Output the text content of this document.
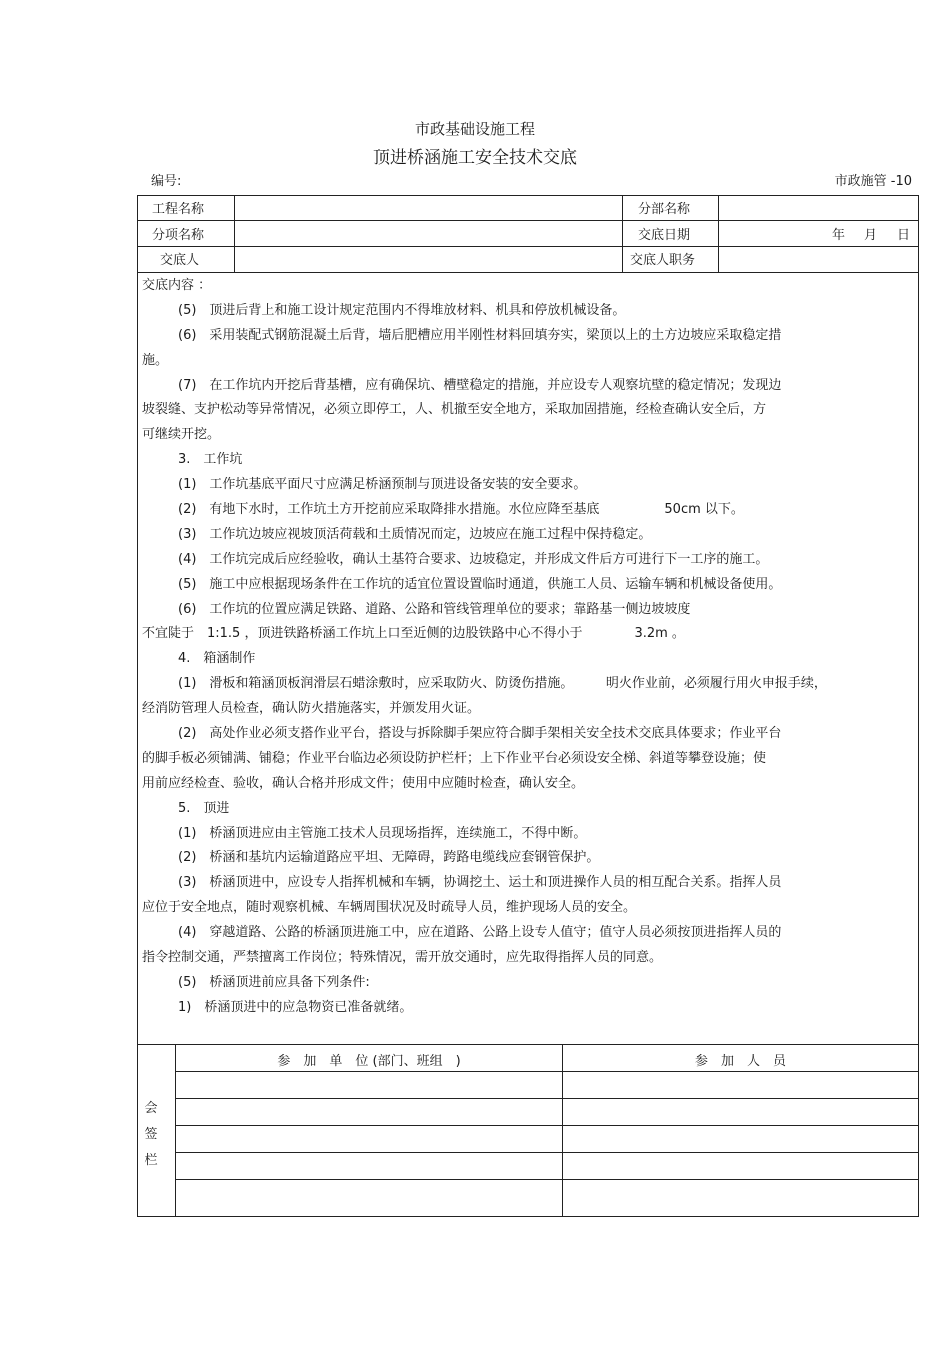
市政基础设施工程
顶进桥涵施工安全技术交底
编号:	市政施管 -10
工程名称	分部名称
分项名称	交底日期	年 月 日
交底人	交底人职务
交底内容 ：
(5)　顶进后背上和施工设计规定范围内不得堆放材料、机具和停放机械设备。
(6)　采用装配式钢筋混凝土后背，墙后肥槽应用半刚性材料回填夯实，梁顶以上的土方边坡应采取稳定措
施。
(7)　在工作坑内开挖后背基槽，应有确保坑、槽壁稳定的措施，并应设专人观察坑壁的稳定情况；发现边
坡裂缝、支护松动等异常情况，必须立即停工，人、机撤至安全地方，采取加固措施，经检查确认安全后，方
可继续开挖。
3.　工作坑
(1)　工作坑基底平面尺寸应满足桥涵预制与顶进设备安装的安全要求。
(2)　有地下水时，工作坑土方开挖前应采取降排水措施。水位应降至基底　　　　　50cm 以下。
(3)　工作坑边坡应视坡顶活荷载和土质情况而定，边坡应在施工过程中保持稳定。
(4)　工作坑完成后应经验收，确认土基符合要求、边坡稳定，并形成文件后方可进行下一工序的施工。
(5)　施工中应根据现场条件在工作坑的适宜位置设置临时通道，供施工人员、运输车辆和机械设备使用。
(6)　工作坑的位置应满足铁路、道路、公路和管线管理单位的要求；靠路基一侧边坡坡度
不宜陡于　1:1.5 ，顶进铁路桥涵工作坑上口至近侧的边股铁路中心不得小于　　　　3.2m 。
4.　箱涵制作
(1)　滑板和箱涵顶板润滑层石蜡涂敷时，应采取防火、防烫伤措施。　　　明火作业前，必须履行用火申报手续，
经消防管理人员检查，确认防火措施落实，并颁发用火证。
(2)　高处作业必须支搭作业平台，搭设与拆除脚手架应符合脚手架相关安全技术交底具体要求；作业平台
的脚手板必须铺满、铺稳；作业平台临边必须设防护栏杆；上下作业平台必须设安全梯、斜道等攀登设施；使
用前应经检查、验收，确认合格并形成文件；使用中应随时检查，确认安全。
5.　顶进
(1)　桥涵顶进应由主管施工技术人员现场指挥，连续施工，不得中断。
(2)　桥涵和基坑内运输道路应平坦、无障碍，跨路电缆线应套钢管保护。
(3)　桥涵顶进中，应设专人指挥机械和车辆，协调挖土、运土和顶进操作人员的相互配合关系。指挥人员
应位于安全地点，随时观察机械、车辆周围状况及时疏导人员，维护现场人员的安全。
(4)　穿越道路、公路的桥涵顶进施工中，应在道路、公路上设专人值守；值守人员必须按顶进指挥人员的
指令控制交通，严禁擅离工作岗位；特殊情况，需开放交通时，应先取得指挥人员的同意。
(5)　桥涵顶进前应具备下列条件:
1)　桥涵顶进中的应急物资已准备就绪。
会
签
栏
参　加　单　位 (部门、班组　)	参　加　人　员
